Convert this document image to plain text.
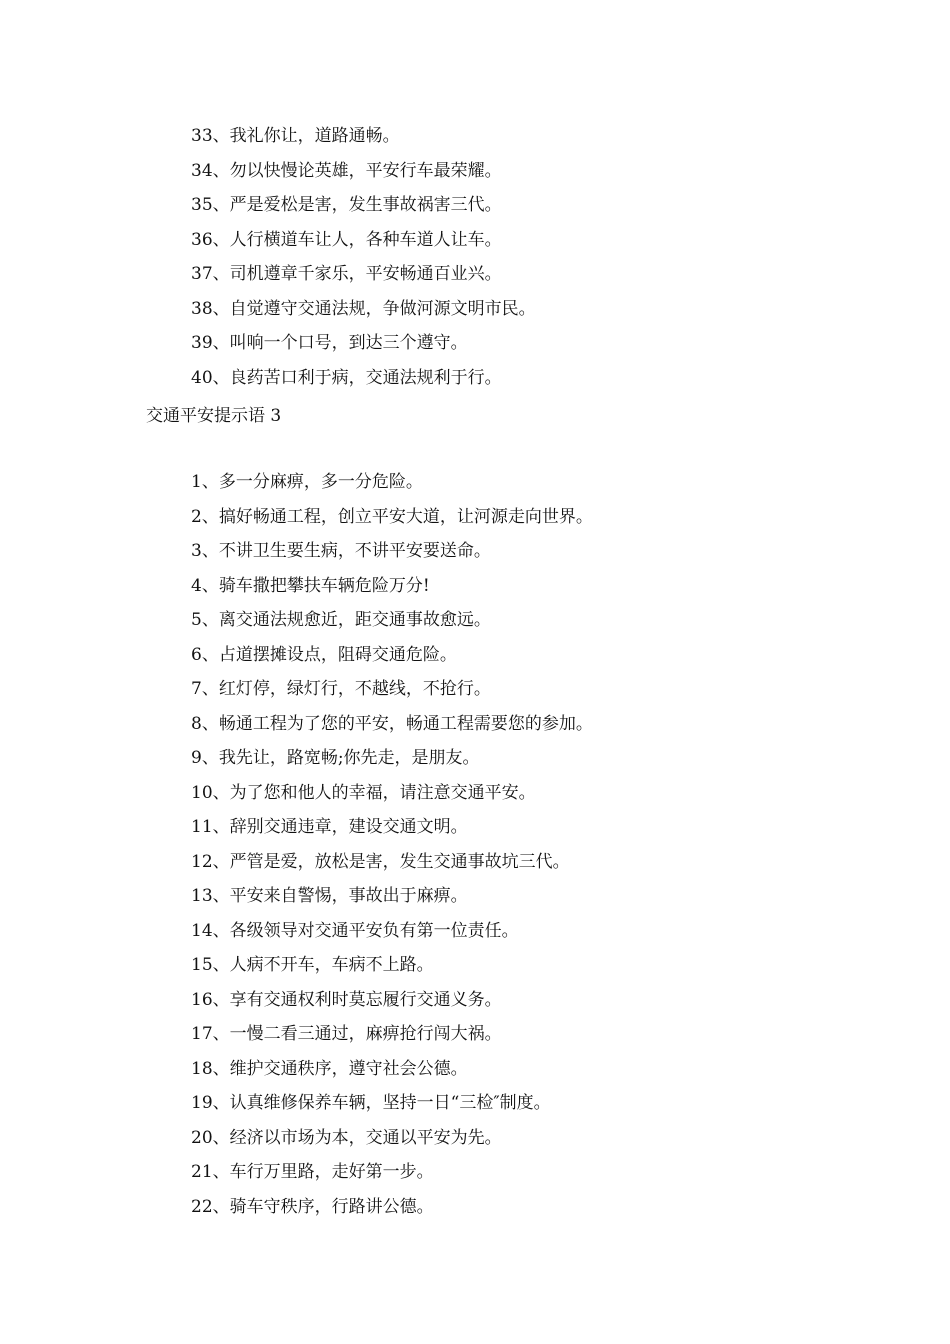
33、我礼你让，道路通畅。
34、勿以快慢论英雄，平安行车最荣耀。
35、严是爱松是害，发生事故祸害三代。
36、人行横道车让人，各种车道人让车。
37、司机遵章千家乐，平安畅通百业兴。
38、自觉遵守交通法规，争做河源文明市民。
39、叫响一个口号，到达三个遵守。
40、良药苦口利于病，交通法规利于行。
交通平安提示语 3
1、多一分麻痹，多一分危险。
2、搞好畅通工程，创立平安大道，让河源走向世界。
3、不讲卫生要生病，不讲平安要送命。
4、骑车撒把攀扶车辆危险万分!
5、离交通法规愈近，距交通事故愈远。
6、占道摆摊设点，阻碍交通危险。
7、红灯停，绿灯行，不越线，不抢行。
8、畅通工程为了您的平安，畅通工程需要您的参加。
9、我先让，路宽畅;你先走，是朋友。
10、为了您和他人的幸福，请注意交通平安。
11、辞别交通违章，建设交通文明。
12、严管是爱，放松是害，发生交通事故坑三代。
13、平安来自警惕，事故出于麻痹。
14、各级领导对交通平安负有第一位责任。
15、人病不开车，车病不上路。
16、享有交通权利时莫忘履行交通义务。
17、一慢二看三通过，麻痹抢行闯大祸。
18、维护交通秩序，遵守社会公德。
19、认真维修保养车辆，坚持一日“三检″制度。
20、经济以市场为本，交通以平安为先。
21、车行万里路，走好第一步。
22、骑车守秩序，行路讲公德。
